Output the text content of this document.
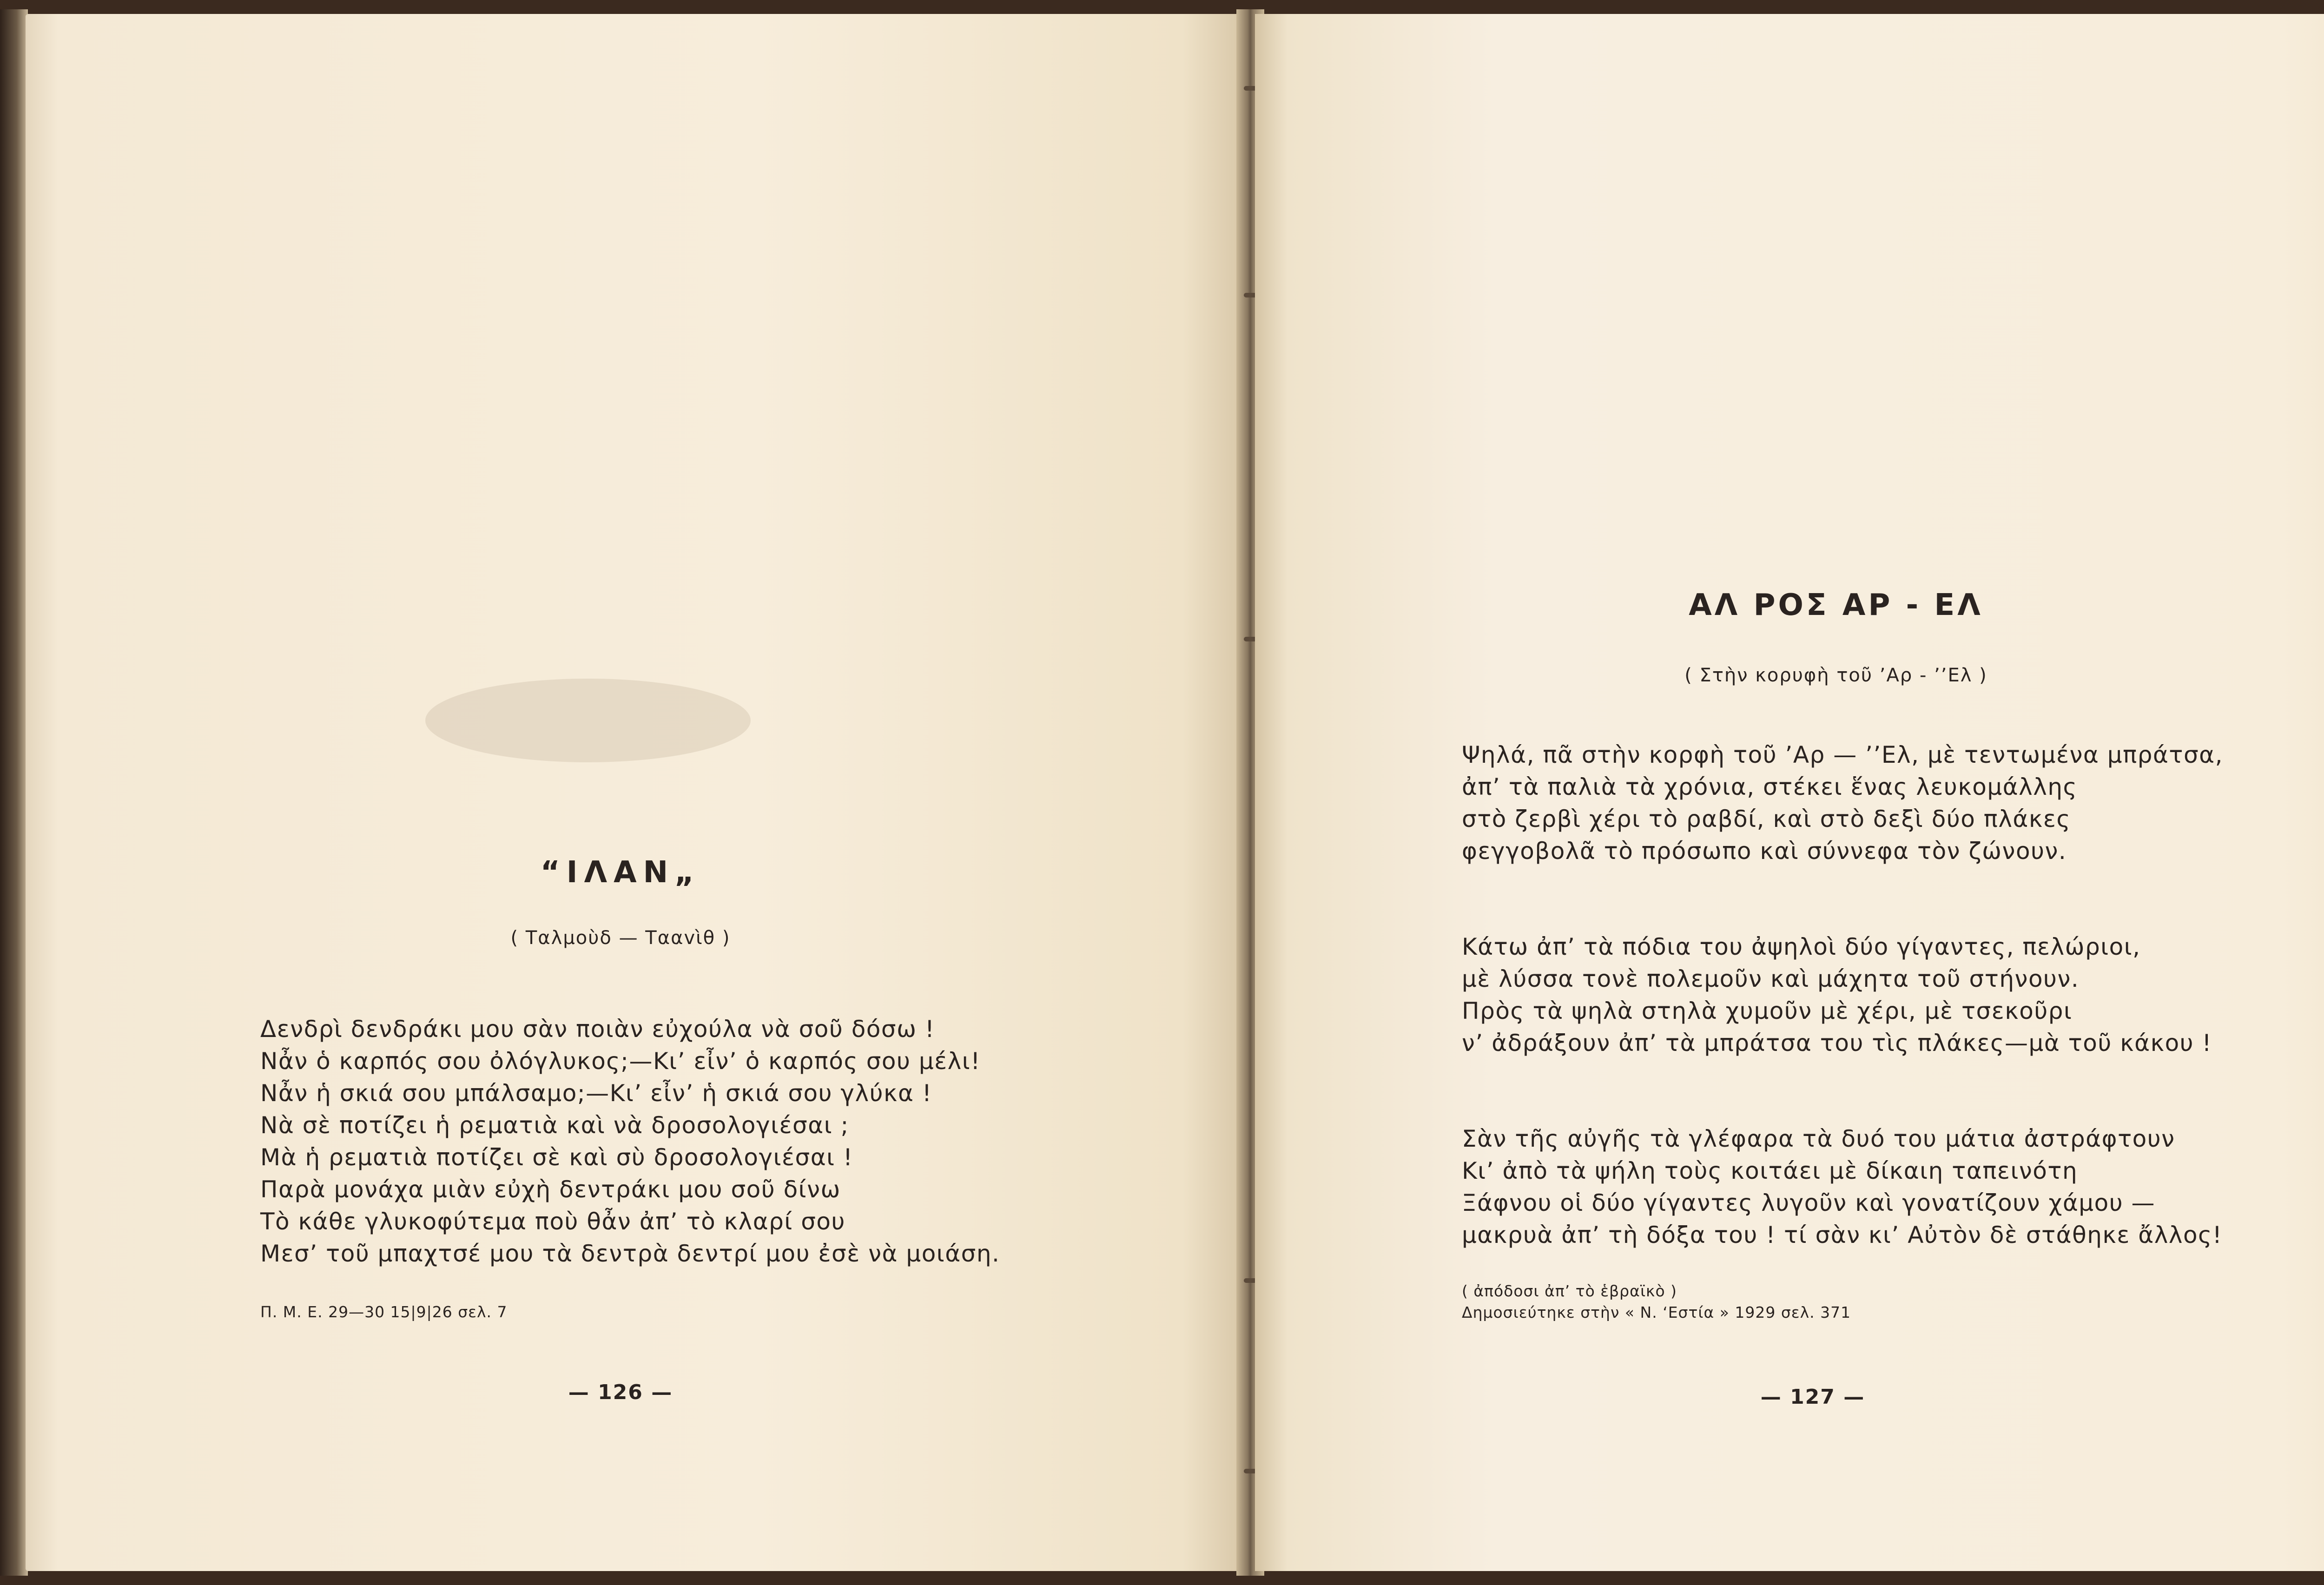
“ΙΛΑΝ„
( Ταλμοὺδ — Τααvὶθ )
Δενδρὶ δενδράκι μου σὰν ποιὰν εὐχούλα νὰ σοῦ δόσω !
Νἆν ὁ καρπός σου ὀλόγλυκος;—Κι’ εἶν’ ὁ καρπός σου μέλι!
Νἆν ἡ σκιά σου μπάλσαμο;—Κι’ εἶν’ ἡ σκιά σου γλύκα !
Νὰ σὲ ποτίζει ἡ ρεματιὰ καὶ νὰ δροσολογιέσαι ;
Μὰ ἡ ρεματιὰ ποτίζει σὲ καὶ σὺ δροσολογιέσαι !
Παρὰ μονάχα μιὰν εὐχὴ δεντράκι μου σοῦ δίνω
Τὸ κάθε γλυκοφύτεμα ποὺ θἆν ἀπ’ τὸ κλαρί σου
Μεσ’ τοῦ μπαχτσέ μου τὰ δεντρὰ δεντρί μου ἐσὲ νὰ μοιάση.
Π. Μ. Ε. 29—30 15|9|26 σελ. 7
— 126 —
ΑΛ ΡΟΣ ΑΡ - ΕΛ
( Στὴν κορυφὴ τοῦ ’Αρ - ’’Ελ )
Ψηλά, πᾶ στὴν κορφὴ τοῦ ’Αρ — ’’Ελ, μὲ τεντωμένα μπράτσα,
ἀπ’ τὰ παλιὰ τὰ χρόνια, στέκει ἕνας λευκομάλλης
στὸ ζερβὶ χέρι τὸ ραβδί, καὶ στὸ δεξὶ δύο πλάκες
φεγγοβολᾶ τὸ πρόσωπο καὶ σύννεφα τὸν ζώνουν.
Κάτω ἀπ’ τὰ πόδια του ἀψηλοὶ δύο γίγαντες, πελώριοι,
μὲ λύσσα τονὲ πολεμοῦν καὶ μάχητα τοῦ στήνουν.
Πρὸς τὰ ψηλὰ στηλὰ χυμοῦν μὲ χέρι, μὲ τσεκοῦρι
ν’ ἀδράξουν ἀπ’ τὰ μπράτσα του τὶς πλάκες—μὰ τοῦ κάκου !
Σὰν τῆς αὐγῆς τὰ γλέφαρα τὰ δυό του μάτια ἀστράφτουν
Κι’ ἀπὸ τὰ ψήλη τοὺς κοιτάει μὲ δίκαιη ταπεινότη
Ξάφνου οἱ δύο γίγαντες λυγοῦν καὶ γονατίζουν χάμου —
μακρυὰ ἀπ’ τὴ δόξα του ! τί σὰν κι’ Αὐτὸν δὲ στάθηκε ἄλλος!
( ἀπόδοσι ἀπ’ τὸ ἑβραϊκὸ )
Δημοσιεύτηκε στὴν « Ν. ‘Εστία » 1929 σελ. 371
— 127 —
